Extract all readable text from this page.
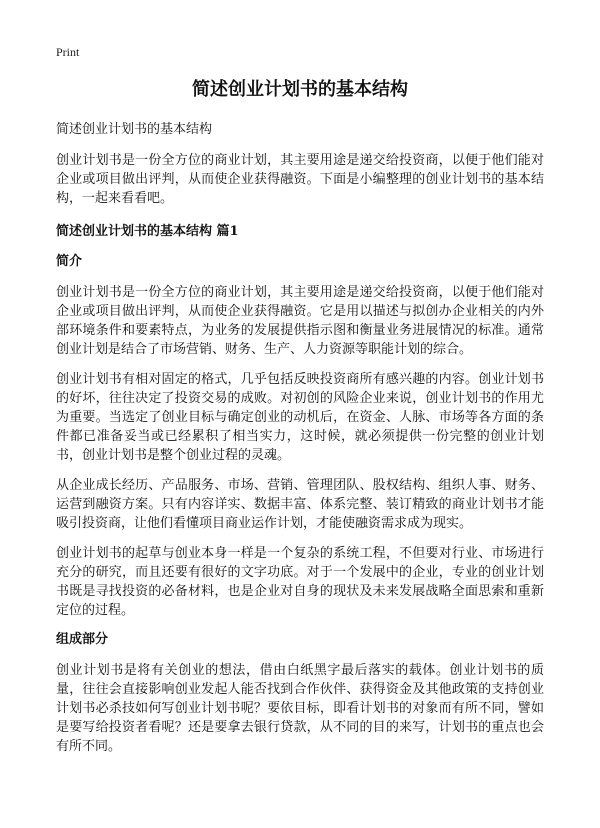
Print
简述创业计划书的基本结构
简述创业计划书的基本结构

创业计划书是一份全方位的商业计划，其主要用途是递交给投资商，以便于他们能对企业或项目做出评判，从而使企业获得融资。下面是小编整理的创业计划书的基本结构，一起来看看吧。

简述创业计划书的基本结构 篇1
简介

创业计划书是一份全方位的商业计划，其主要用途是递交给投资商，以便于他们能对企业或项目做出评判，从而使企业获得融资。它是用以描述与拟创办企业相关的内外部环境条件和要素特点，为业务的发展提供指示图和衡量业务进展情况的标准。通常创业计划是结合了市场营销、财务、生产、人力资源等职能计划的综合。

创业计划书有相对固定的格式，几乎包括反映投资商所有感兴趣的内容。创业计划书的好坏，往往决定了投资交易的成败。对初创的风险企业来说，创业计划书的作用尤为重要。当选定了创业目标与确定创业的动机后，在资金、人脉、市场等各方面的条件都已准备妥当或已经累积了相当实力，这时候，就必须提供一份完整的创业计划书，创业计划书是整个创业过程的灵魂。

从企业成长经历、产品服务、市场、营销、管理团队、股权结构、组织人事、财务、运营到融资方案。只有内容详实、数据丰富、体系完整、装订精致的商业计划书才能吸引投资商，让他们看懂项目商业运作计划，才能使融资需求成为现实。

创业计划书的起草与创业本身一样是一个复杂的系统工程，不但要对行业、市场进行充分的研究，而且还要有很好的文字功底。对于一个发展中的企业，专业的创业计划书既是寻找投资的必备材料，也是企业对自身的现状及未来发展战略全面思索和重新定位的过程。

组成部分

创业计划书是将有关创业的想法，借由白纸黑字最后落实的载体。创业计划书的质量，往往会直接影响创业发起人能否找到合作伙伴、获得资金及其他政策的支持创业计划书必杀技如何写创业计划书呢？要依目标，即看计划书的对象而有所不同，譬如是要写给投资者看呢？还是要拿去银行贷款，从不同的目的来写，计划书的重点也会有所不同。
